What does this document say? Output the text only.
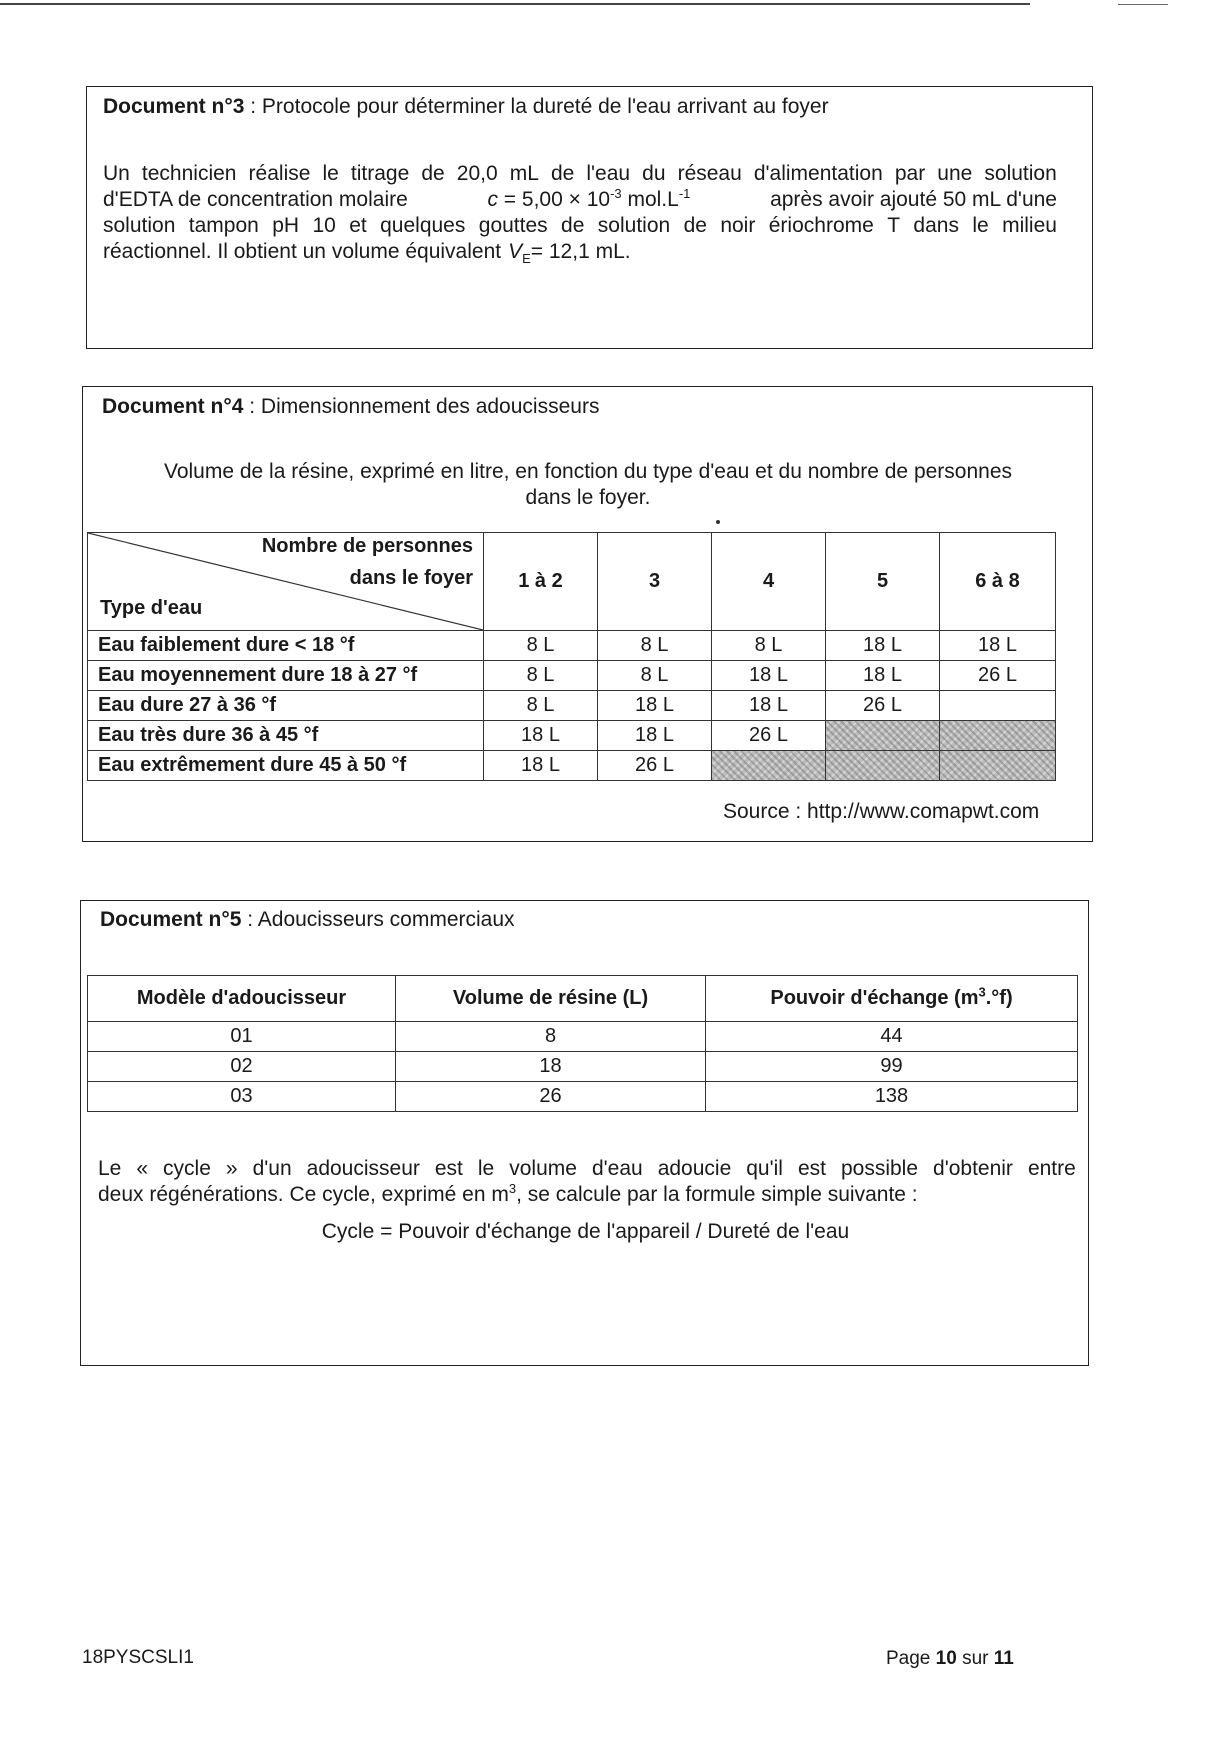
Document n°3 : Protocole pour déterminer la dureté de l'eau arrivant au foyer
Un technicien réalise le titrage de 20,0 mL de l'eau du réseau d'alimentation par une solution
d'EDTA de concentration molaire	$c = 5,00 \times 10^{-3}$ $mol.L^{-1}$	après avoir ajouté 50 mL d'une
solution tampon pH 10 et quelques gouttes de solution de noir ériochrome T dans le milieu
réactionnel. Il obtient un volume équivalent $V_E= 12,1$ mL.
Document n°4 : Dimensionnement des adoucisseurs
Volume de la résine, exprimé en litre, en fonction du type d'eau et du nombre de personnes
dans le foyer.
Nombre de personnes
dans le foyer
Type d'eau	1 à 2	3	4	5	6 à 8
Eau faiblement dure < 18 °f	8 L	8 L	8 L	18 L	18 L
Eau moyennement dure 18 à 27 °f	8 L	8 L	18 L	18 L	26 L
Eau dure 27 à 36 °f	8 L	18 L	18 L	26 L	
Eau très dure 36 à 45 °f	18 L	18 L	26 L		
Eau extrêmement dure 45 à 50 °f	18 L	26 L			
Source : http://www.comapwt.com
Document n°5 : Adoucisseurs commerciaux
Modèle d'adoucisseur	Volume de résine (L)	Pouvoir d'échange $(m^3.^\circ f)$
01	8	44
02	18	99
03	26	138
Le « cycle » d'un adoucisseur est le volume d'eau adoucie qu'il est possible d'obtenir entre
deux régénérations. Ce cycle, exprimé en $m^3$, se calcule par la formule simple suivante :
Cycle = Pouvoir d'échange de l'appareil / Dureté de l'eau
18PYSCSLI1	Page 10 sur 11
